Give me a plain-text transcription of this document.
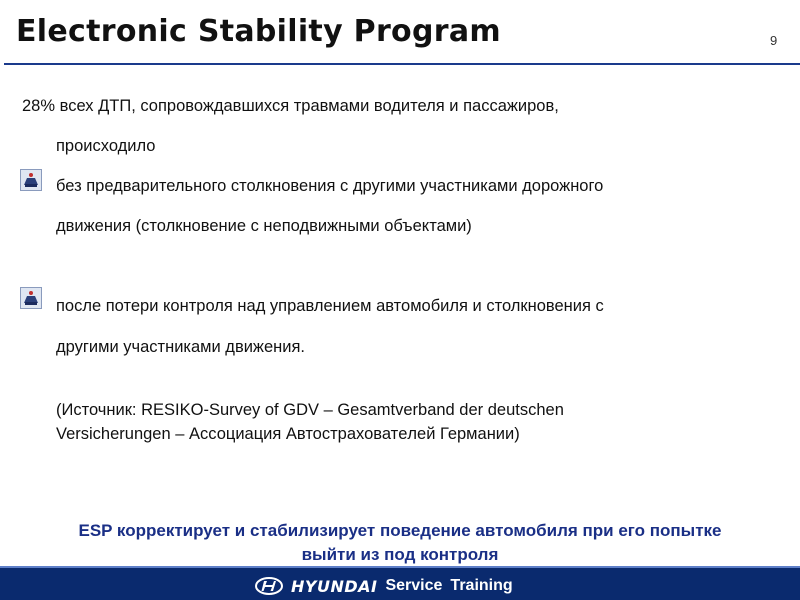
Electronic Stability Program	9
28% всех ДТП, сопровождавшихся травмами водителя и пассажиров,
происходило
без предварительного столкновения с другими участниками дорожного
движения (столкновение с неподвижными объектами)
после потери контроля над управлением автомобиля и столкновения с
другими участниками движения.
(Источник: RESIKO-Survey of GDV – Gesamtverband der deutschen
Versicherungen – Ассоциация Автостраховатeлей Германии)
ESP корректирует и стабилизирует поведение автомобиля при его попытке
выйти из под контроля
HYUNDAI Service Training
